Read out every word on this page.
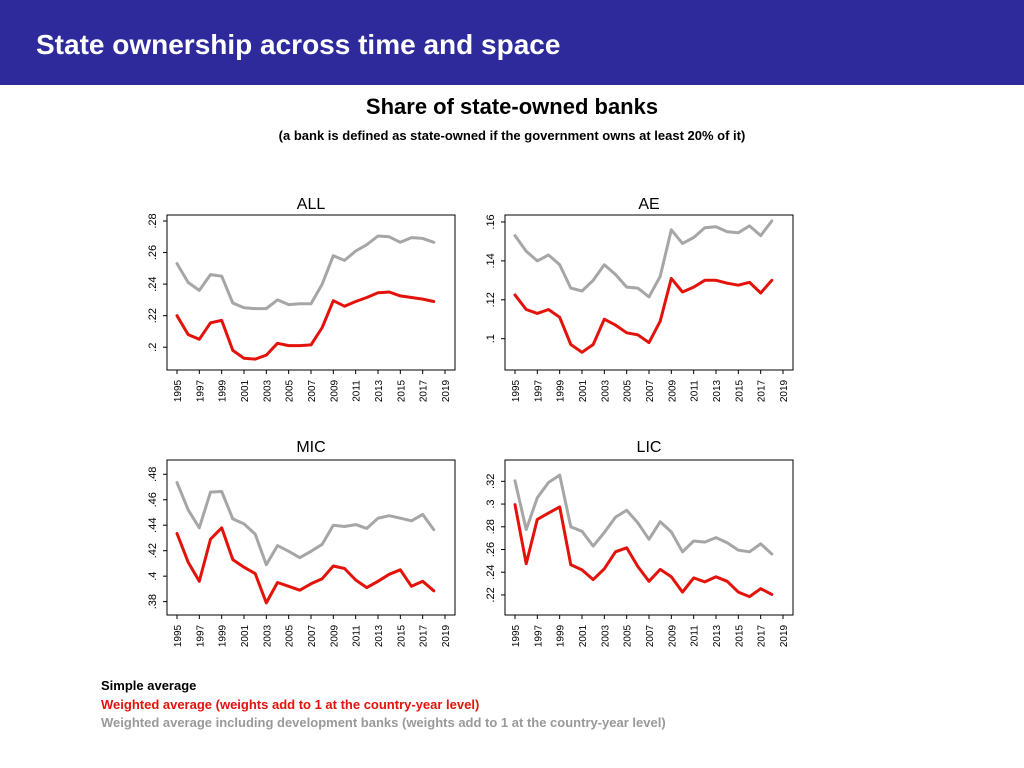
State ownership across time and space
Share of state-owned banks
(a bank is defined as state-owned if the government owns at least 20% of it)
ALL
.2
.22
.24
.26
.28
1995 1997 1999 2001 2003 2005 2007 2009 2011 2013 2015 2017 2019
AE
.1
.12
.14
.16
1995 1997 1999 2001 2003 2005 2007 2009 2011 2013 2015 2017 2019
MIC
.38
.4
.42
.44
.46
.48
1995 1997 1999 2001 2003 2005 2007 2009 2011 2013 2015 2017 2019
LIC
.22
.24
.26
.28
.3
.32
1995 1997 1999 2001 2003 2005 2007 2009 2011 2013 2015 2017 2019
Simple average
Weighted average (weights add to 1 at the country-year level)
Weighted average including development banks (weights add to 1 at the country-year level)
